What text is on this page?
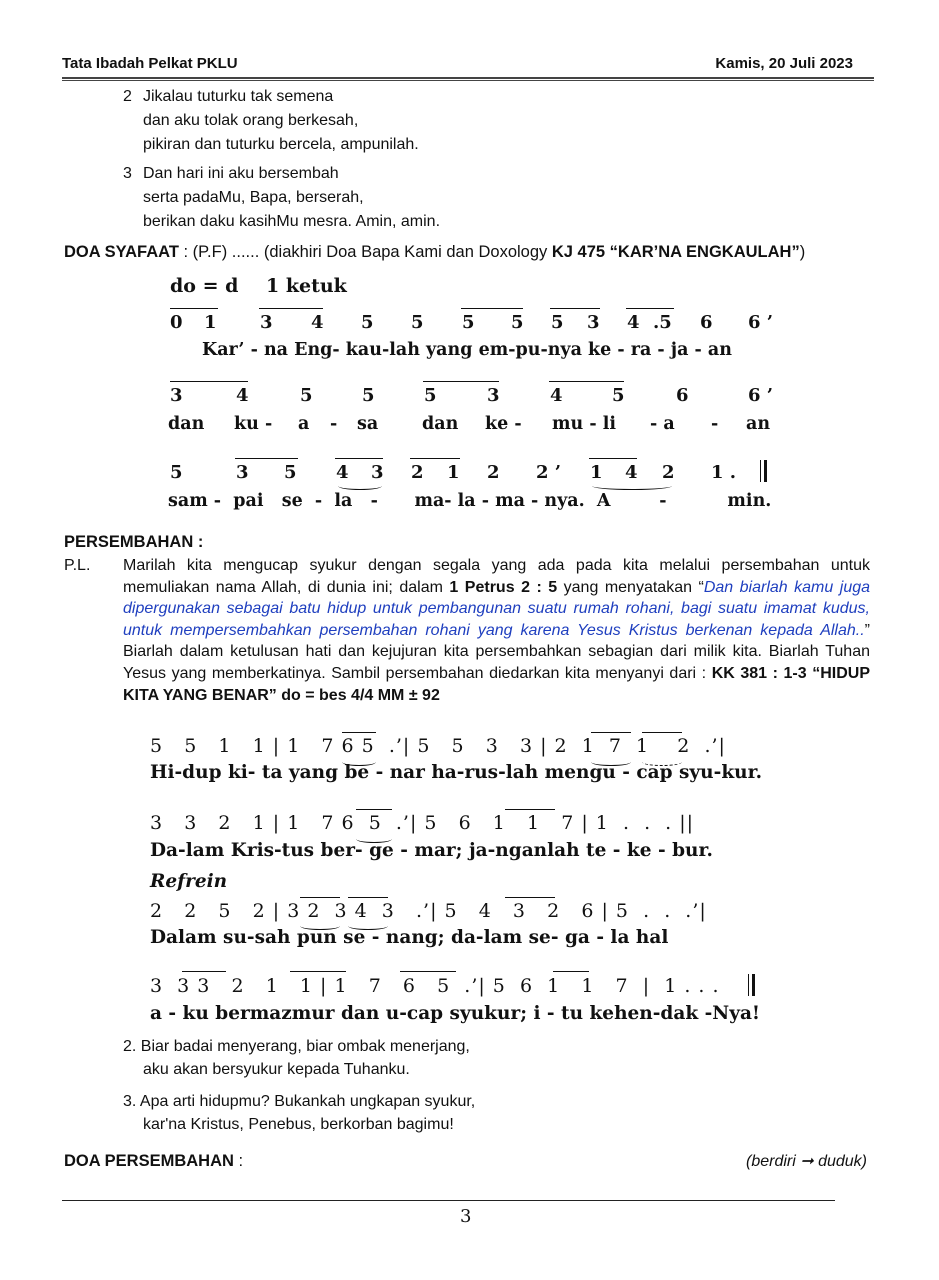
Tata Ibadah Pelkat PKLU	Kamis, 20 Juli 2023
2 Jikalau tuturku tak semena
dan aku tolak orang berkesah,
pikiran dan tuturku bercela, ampunilah.
3 Dan hari ini aku bersembah
serta padaMu, Bapa, berserah,
berikan daku kasihMu mesra. Amin, amin.
DOA SYAFAAT : (P.F) ...... (diakhiri Doa Bapa Kami dan Doxology KJ 475 “KAR’NA ENGKAULAH”)
do = d 1 ketuk
0 1 3 4 5 5 5 5 5 3 4 .5 6 6 ’
Kar’ - na Eng- kau-lah yang em-pu-nya ke - ra - ja - an
3	4	5	5	5	3	4	5	6	6 ’
dan ku - a - sa	dan ke - mu - li - a - an
5	3 5 4 3 2 1 2 2 ’ 1 4 2 1 .
sam -  pai   se  -  la   -      ma- la - ma - nya.  A        -          min.
PERSEMBAHAN :
P.L. Marilah kita mengucap syukur dengan segala yang ada pada kita melalui persembahan untuk memuliakan nama Allah, di dunia ini; dalam 1 Petrus 2 : 5 yang menyatakan “Dan biarlah kamu juga dipergunakan sebagai batu hidup untuk pembangunan suatu rumah rohani, bagi suatu imamat kudus, untuk mempersembahkan persembahan rohani yang karena Yesus Kristus berkenan kepada Allah..” Biarlah dalam ketulusan hati dan kejujuran kita persembahkan sebagian dari milik kita. Biarlah Tuhan Yesus yang memberkatinya. Sambil persembahan diedarkan kita menyanyi dari : KK 381 : 1-3 “HIDUP KITA YANG BENAR” do = bes 4/4 MM ± 92
5   5   1   1 | 1   7 6 5  .’| 5   5   3   3 | 2  1  7  1    2  .’|
Hi-dup ki- ta yang be - nar ha-rus-lah mengu - cap syu-kur.
3   3   2   1 | 1   7 6  5  .’| 5   6   1   1   7 | 1  .  .  . ||
Da-lam Kris-tus ber- ge - mar; ja-nganlah te - ke - bur.
Refrein
2   2   5   2 | 3 2  3 4  3   .’| 5   4   3   2   6 | 5  .  .  .’|
Dalam su-sah pun se - nang; da-lam se- ga - la hal
3  3 3   2   1   1 | 1   7   6   5  .’| 5  6  1   1   7  |  1 . . .
a - ku bermazmur dan u-cap syukur; i - tu kehen-dak -Nya!
2. Biar badai menyerang, biar ombak menerjang,
aku akan bersyukur kepada Tuhanku.
3. Apa arti hidupmu? Bukankah ungkapan syukur,
kar'na Kristus, Penebus, berkorban bagimu!
DOA PERSEMBAHAN :	(berdiri ➞ duduk)
3
